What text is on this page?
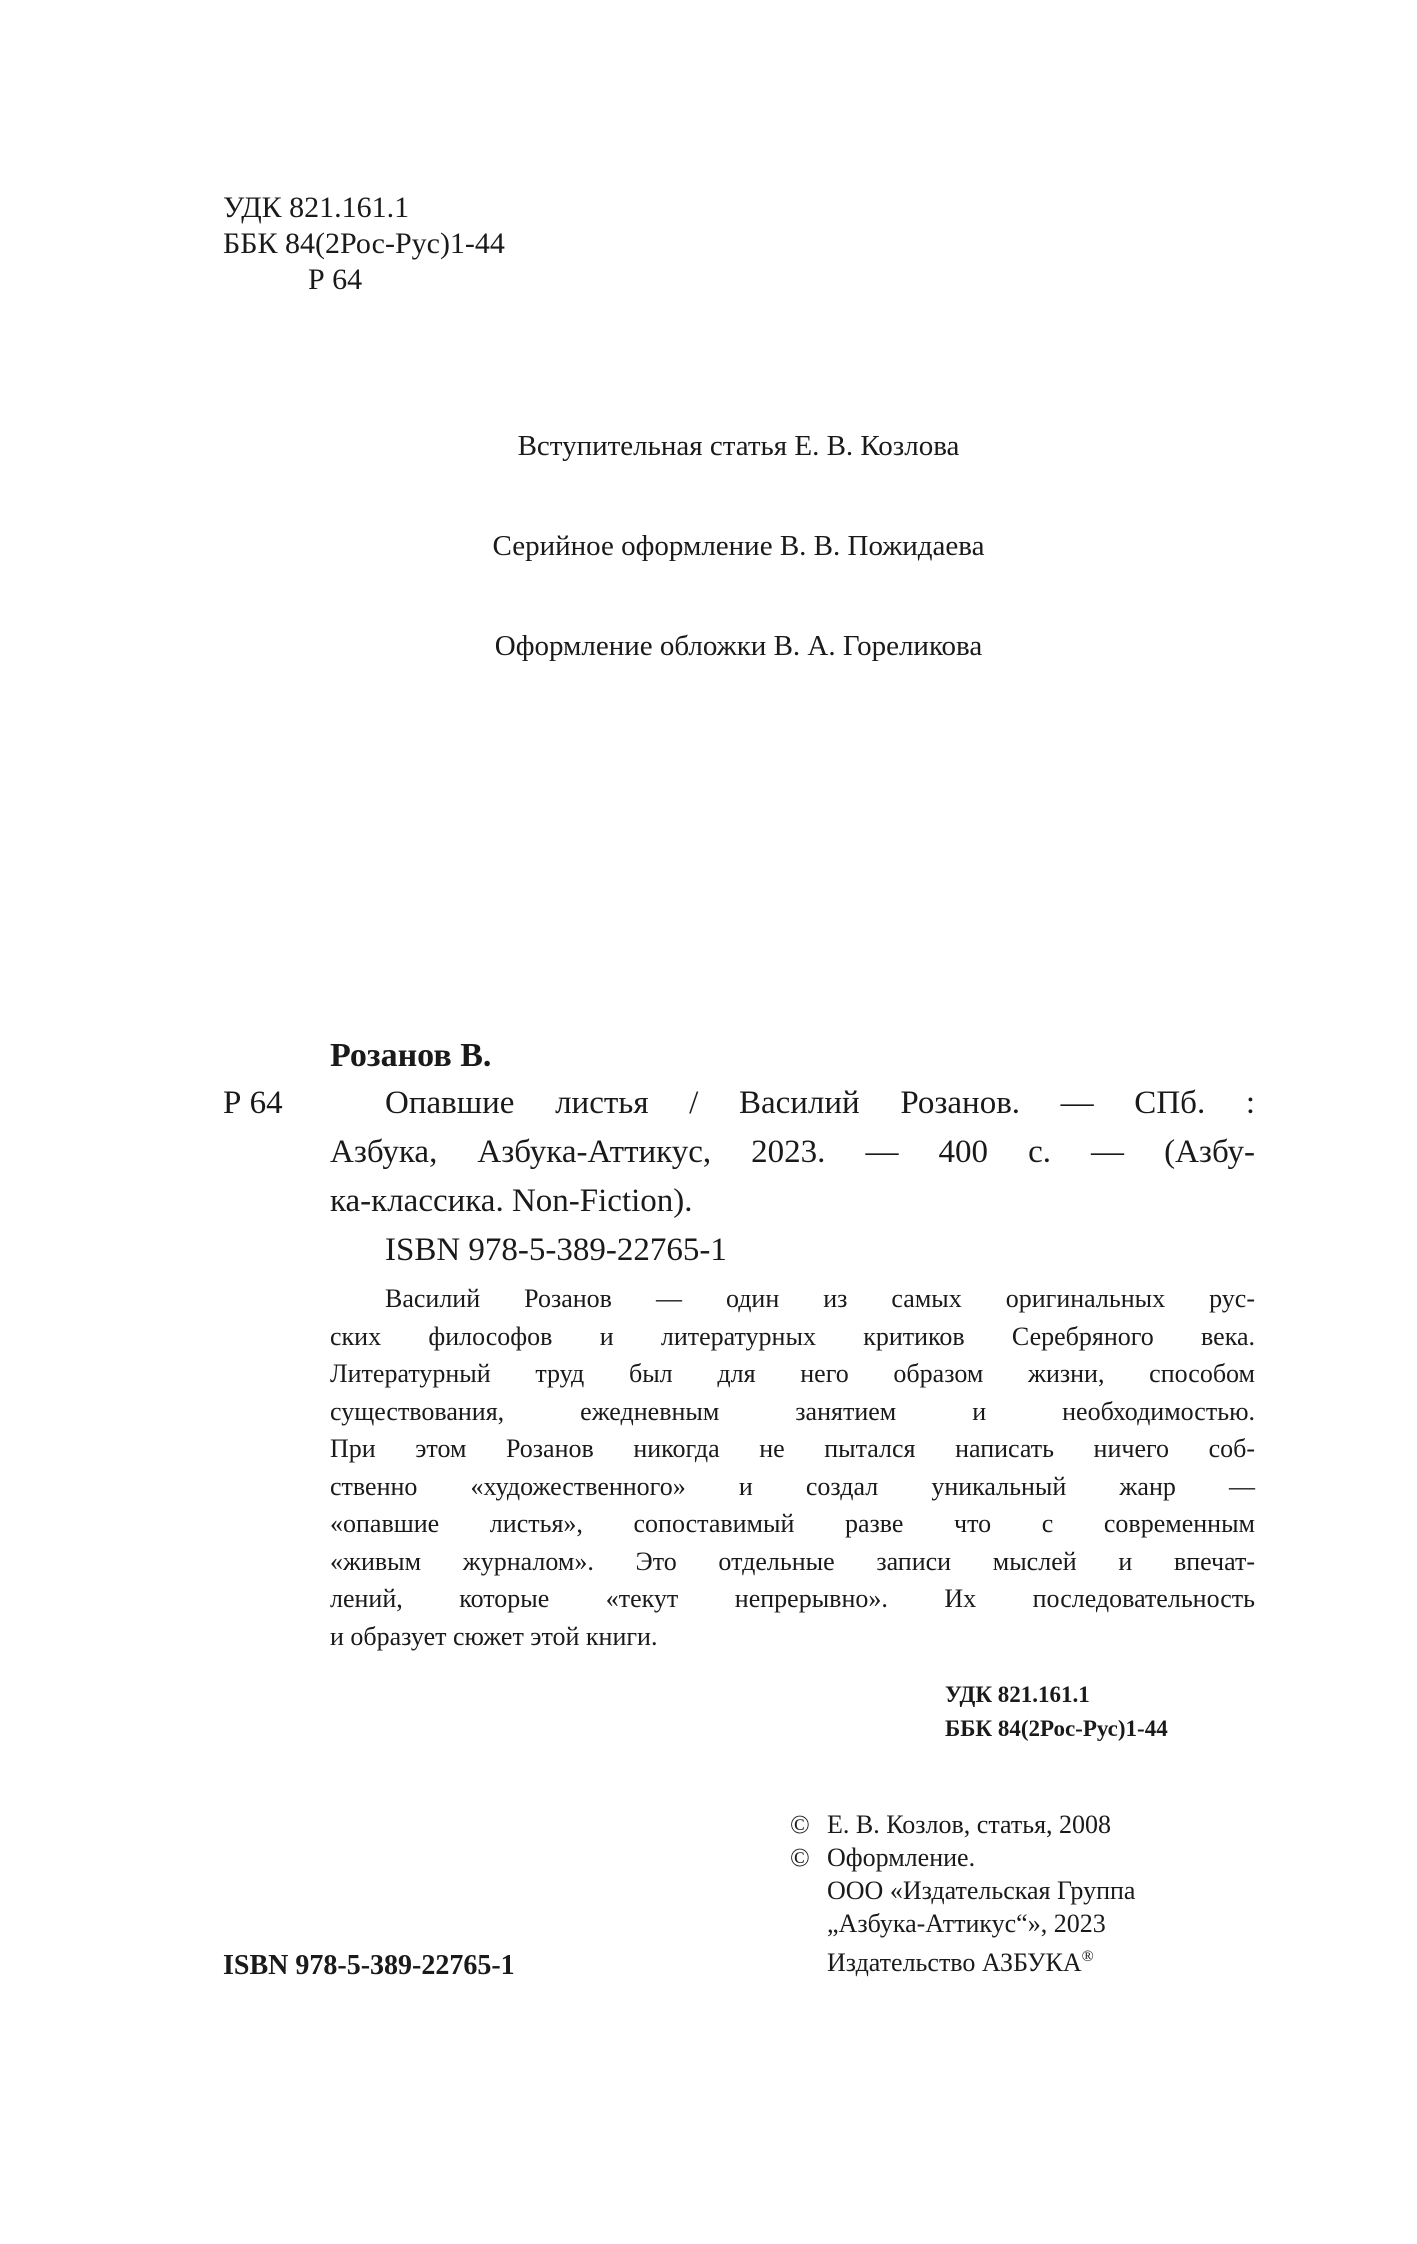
УДК 821.161.1
ББК 84(2Рос-Рус)1-44
Р 64
Вступительная статья Е. В. Козлова
Серийное оформление В. В. Пожидаева
Оформление обложки В. А. Гореликова
Розанов В.
Р 64	Опавшие листья / Василий Розанов. — СПб. :
Азбука, Азбука-Аттикус, 2023. — 400 с. — (Азбу-
ка-классика. Non-Fiction).
ISBN 978-5-389-22765-1
Василий Розанов — один из самых оригинальных рус-
ских философов и литературных критиков Серебряного века.
Литературный труд был для него образом жизни, способом
существования, ежедневным занятием и необходимостью.
При этом Розанов никогда не пытался написать ничего соб-
ственно «художественного» и создал уникальный жанр —
«опавшие листья», сопоставимый разве что с современным
«живым журналом». Это отдельные записи мыслей и впечат-
лений, которые «текут непрерывно». Их последовательность
и образует сюжет этой книги.
УДК 821.161.1
ББК 84(2Рос-Рус)1-44
© Е. В. Козлов, статья, 2008
© Оформление.
ООО «Издательская Группа
„Азбука-Аттикус“», 2023
Издательство АЗБУКА®
ISBN 978-5-389-22765-1
